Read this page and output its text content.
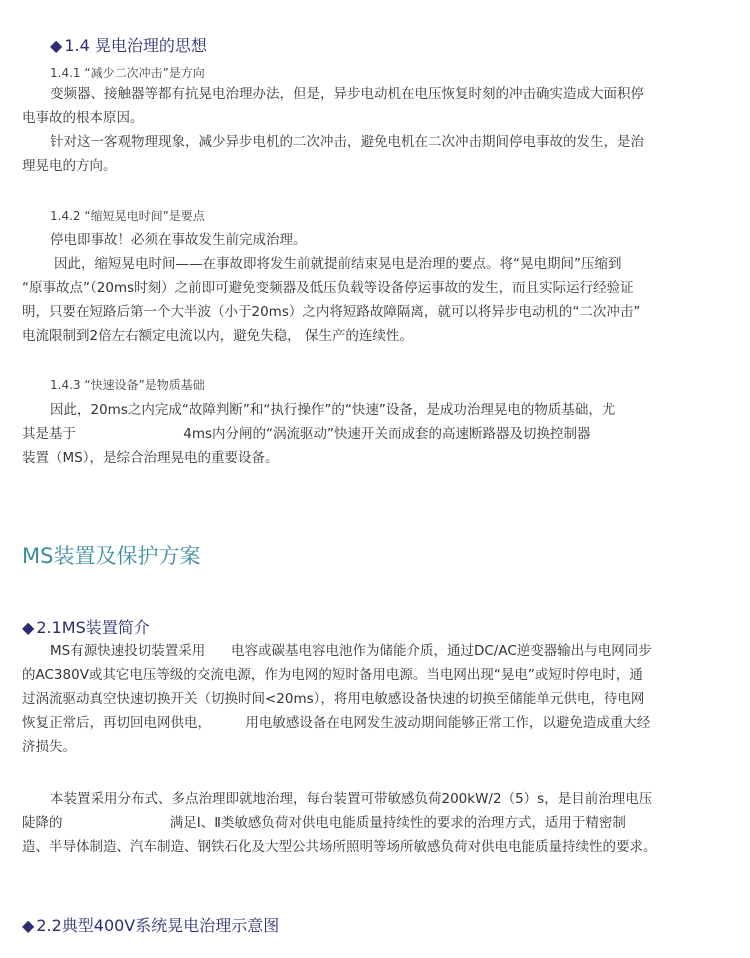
◆ 1.4 晃电治理的思想
1.4.1 “减少二次冲击”是方向

变频器、接触器等都有抗晃电治理办法，但是，异步电动机在电压恢复时刻的冲击确实造成大面积停

电事故的根本原因。

针对这一客观物理现象，减少异步电机的二次冲击，避免电机在二次冲击期间停电事故的发生，是治

理晃电的方向。

1.4.2 “缩短晃电时间”是要点

停电即事故！必须在事故发生前完成治理。

因此，缩短晃电时间——在事故即将发生前就提前结束晃电是治理的要点。将“晃电期间”压缩到

“原事故点”（20ms时刻）之前即可避免变频器及低压负载等设备停运事故的发生，而且实际运行经验证

明，只要在短路后第一个大半波（小于20ms）之内将短路故障隔离，就可以将异步电动机的“二次冲击”

电流限制到2倍左右额定电流以内，避免失稳， 保生产的连续性。

1.4.3 “快速设备”是物质基础

因此，20ms之内完成“故障判断”和“执行操作”的“快速”设备，是成功治理晃电的物质基础，尤

其是基于                         4ms内分闸的“涡流驱动”快速开关而成套的高速断路器及切换控制器

装置（MS），是综合治理晃电的重要设备。

MS装置及保护方案
◆ 2.1MS装置简介

MS有源快速投切装置采用      电容或碳基电容电池作为储能介质，通过DC/AC逆变器输出与电网同步

的AC380V或其它电压等级的交流电源，作为电网的短时备用电源。当电网出现“晃电”或短时停电时，通

过涡流驱动真空快速切换开关（切换时间<20ms），将用电敏感设备快速的切换至储能单元供电，待电网

恢复正常后，再切回电网供电，        用电敏感设备在电网发生波动期间能够正常工作，以避免造成重大经

济损失。

本装置采用分布式、多点治理即就地治理，每台装置可带敏感负荷200kW/2（5）s，是目前治理电压

陡降的                         满足Ⅰ、Ⅱ类敏感负荷对供电电能质量持续性的要求的治理方式，适用于精密制

造、半导体制造、汽车制造、钢铁石化及大型公共场所照明等场所敏感负荷对供电电能质量持续性的要求。

◆ 2.2典型400V系统晃电治理示意图
